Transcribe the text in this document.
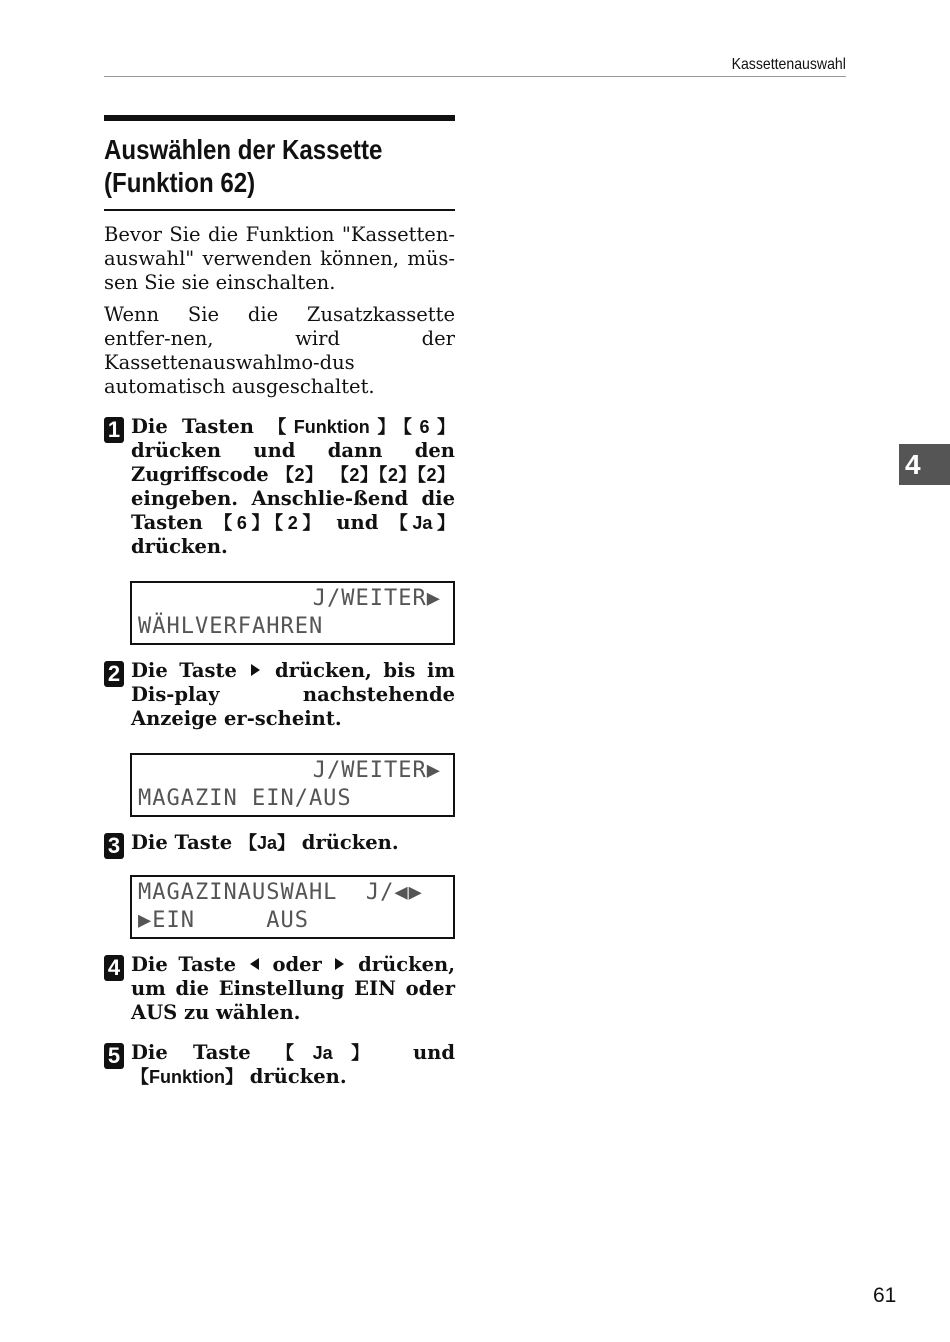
Kassettenauswahl
Auswählen der Kassette
(Funktion 62)

Bevor Sie die Funktion "Kassetten-auswahl" verwenden können, müs-sen Sie sie einschalten.

Wenn Sie die Zusatzkassette entfer-nen, wird der Kassettenauswahlmo-dus automatisch ausgeschaltet.

1 Die Tasten 【Funktion】【6】 drücken und dann den Zugriffscode 【2】 【2】【2】【2】 eingeben. Anschlie-ßend die Tasten 【6】【2】 und 【Ja】 drücken.
J/WEITER▶
WÄHLVERFAHREN
2 Die Taste  drücken, bis im Dis-play nachstehende Anzeige er-scheint.
J/WEITER▶
MAGAZIN EIN/AUS
3 Die Taste 【Ja】 drücken.
MAGAZINAUSWAHL  J/◀▶
▶EIN     AUS
4 Die Taste  oder  drücken, um die Einstellung EIN oder AUS zu wählen.
5 Die Taste 【Ja】 und 【Funktion】 drücken.
4
61
